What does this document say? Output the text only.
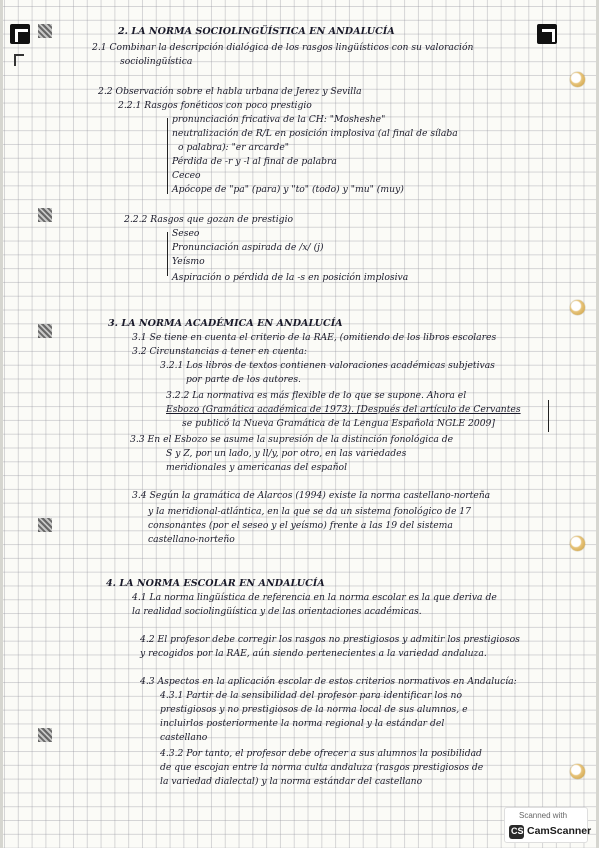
2. LA NORMA SOCIOLINGÜÍSTICA EN ANDALUCÍA
2.1 Combinar la descripción dialógica de los rasgos lingüísticos con su valoración
sociolingüística
2.2 Observación sobre el habla urbana de Jerez y Sevilla
2.2.1 Rasgos fonéticos con poco prestigio
pronunciación fricativa de la CH: "Mosheshe"
neutralización de R/L en posición implosiva (al final de sílaba
o palabra): "er arcarde"
Pérdida de -r y -l al final de palabra
Ceceo
Apócope de "pa" (para) y "to" (todo) y "mu" (muy)
2.2.2 Rasgos que gozan de prestigio
Seseo
Pronunciación aspirada de /x/ (j)
Yeísmo
Aspiración o pérdida de la -s en posición implosiva
3. LA NORMA ACADÉMICA EN ANDALUCÍA
3.1 Se tiene en cuenta el criterio de la RAE, (omitiendo de los libros escolares
3.2 Circunstancias a tener en cuenta:
3.2.1 Los libros de textos contienen valoraciones académicas subjetivas
por parte de los autores.
3.2.2 La normativa es más flexible de lo que se supone. Ahora el
Esbozo (Gramática académica de 1973). [Después del artículo de Cervantes
se publicó la Nueva Gramática de la Lengua Española NGLE 2009]
3.3 En el Esbozo se asume la supresión de la distinción fonológica de
S y Z, por un lado, y ll/y, por otro, en las variedades
meridionales y americanas del español
3.4 Según la gramática de Alarcos (1994) existe la norma castellano-norteña
y la meridional-atlántica, en la que se da un sistema fonológico de 17
consonantes (por el seseo y el yeísmo) frente a las 19 del sistema
castellano-norteño
4. LA NORMA ESCOLAR EN ANDALUCÍA
4.1 La norma lingüística de referencia en la norma escolar es la que deriva de
la realidad sociolingüística y de las orientaciones académicas.
4.2 El profesor debe corregir los rasgos no prestigiosos y admitir los prestigiosos
y recogidos por la RAE, aún siendo pertenecientes a la variedad andaluza.
4.3 Aspectos en la aplicación escolar de estos criterios normativos en Andalucía:
4.3.1 Partir de la sensibilidad del profesor para identificar los no
prestigiosos y no prestigiosos de la norma local de sus alumnos, e
incluirlos posteriormente la norma regional y la estándar del
castellano
4.3.2 Por tanto, el profesor debe ofrecer a sus alumnos la posibilidad
de que escojan entre la norma culta andaluza (rasgos prestigiosos de
la variedad dialectal) y la norma estándar del castellano
Scanned with
CS CamScanner
